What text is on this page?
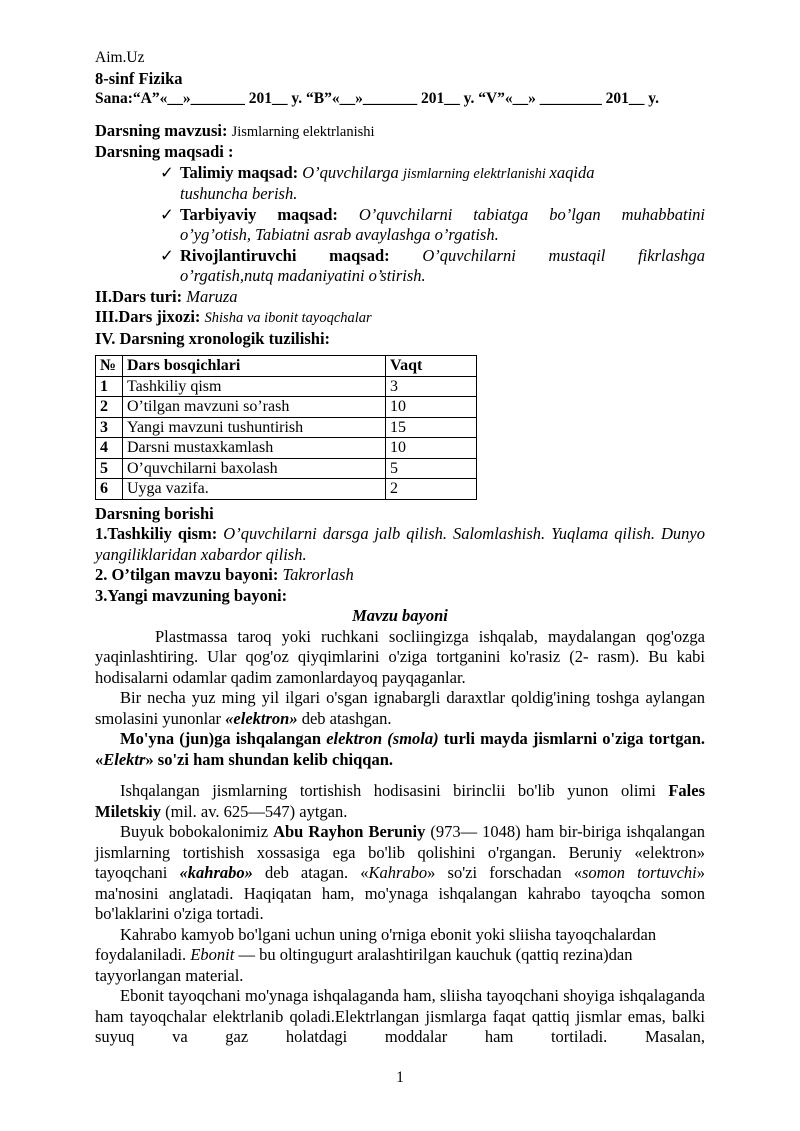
Aim.Uz
8-sinf Fizika
Sana:“A”«__»_______ 201__ y. “B”«__»_______ 201__ y. “V”«__» ________ 201__ y.
Darsning mavzusi: Jismlarning elektrlanishi
Darsning maqsadi :
✓ Talimiy maqsad: O’quvchilarga jismlarning elektrlanishi xaqida
tushuncha berish.
✓ Tarbiyaviy maqsad: O’quvchilarni tabiatga bo’lgan muhabbatini
o’yg’otish, Tabiatni asrab avaylashga o’rgatish.
✓ Rivojlantiruvchi maqsad: O’quvchilarni mustaqil fikrlashga
o’rgatish,nutq madaniyatini o’stirish.
II.Dars turi: Maruza
III.Dars jixozi: Shisha va ibonit tayoqchalar
IV. Darsning xronologik tuzilishi:
№	Dars bosqichlari	Vaqt
1	Tashkiliy qism	3
2	O’tilgan mavzuni so’rash	10
3	Yangi mavzuni tushuntirish	15
4	Darsni mustaxkamlash	10
5	O’quvchilarni baxolash	5
6	Uyga vazifa.	2
Darsning borishi
1.Tashkiliy qism: O’quvchilarni darsga jalb qilish. Salomlashish. Yuqlama qilish. Dunyo yangiliklaridan xabardor qilish.
2. O’tilgan mavzu bayoni: Takrorlash
3.Yangi mavzuning bayoni:
Mavzu bayoni
Plastmassa taroq yoki ruchkani socliingizga ishqalab, maydalangan qog'ozga yaqinlashtiring. Ular qog'oz qiyqimlarini o'ziga tortganini ko'rasiz (2- rasm). Bu kabi hodisalarni odamlar qadim zamonlardayoq payqaganlar.
Bir necha yuz ming yil ilgari o'sgan ignabargli daraxtlar qoldig'ining toshga aylangan smolasini yunonlar «elektron» deb atashgan.
Mo'yna (jun)ga ishqalangan elektron (smola) turli mayda jismlarni o'ziga tortgan. «Elektr» so'zi ham shundan kelib chiqqan.
Ishqalangan jismlarning tortishish hodisasini birinclii bo'lib yunon olimi Fales Miletskiy (mil. av. 625—547) aytgan.
Buyuk bobokalonimiz Abu Rayhon Beruniy (973— 1048) ham bir-biriga ishqalangan jismlarning tortishish xossasiga ega bo'lib qolishini o'rgangan. Beruniy «elektron» tayoqchani «kahrabo» deb atagan. «Kahrabo» so'zi forschadan «somon tortuvchi» ma'nosini anglatadi. Haqiqatan ham, mo'ynaga ishqalangan kahrabo tayoqcha somon bo'laklarini o'ziga tortadi.
Kahrabo kamyob bo'lgani uchun uning o'rniga ebonit yoki sliisha tayoqchalardan
foydalaniladi. Ebonit — bu oltingugurt aralashtirilgan kauchuk (qattiq rezina)dan
tayyorlangan material.
Ebonit tayoqchani mo'ynaga ishqalaganda ham, sliisha tayoqchani shoyiga ishqalaganda ham tayoqchalar elektrlanib qoladi.Elektrlangan jismlarga faqat qattiq jismlar emas, balki suyuq va gaz holatdagi moddalar ham tortiladi. Masalan,
1
